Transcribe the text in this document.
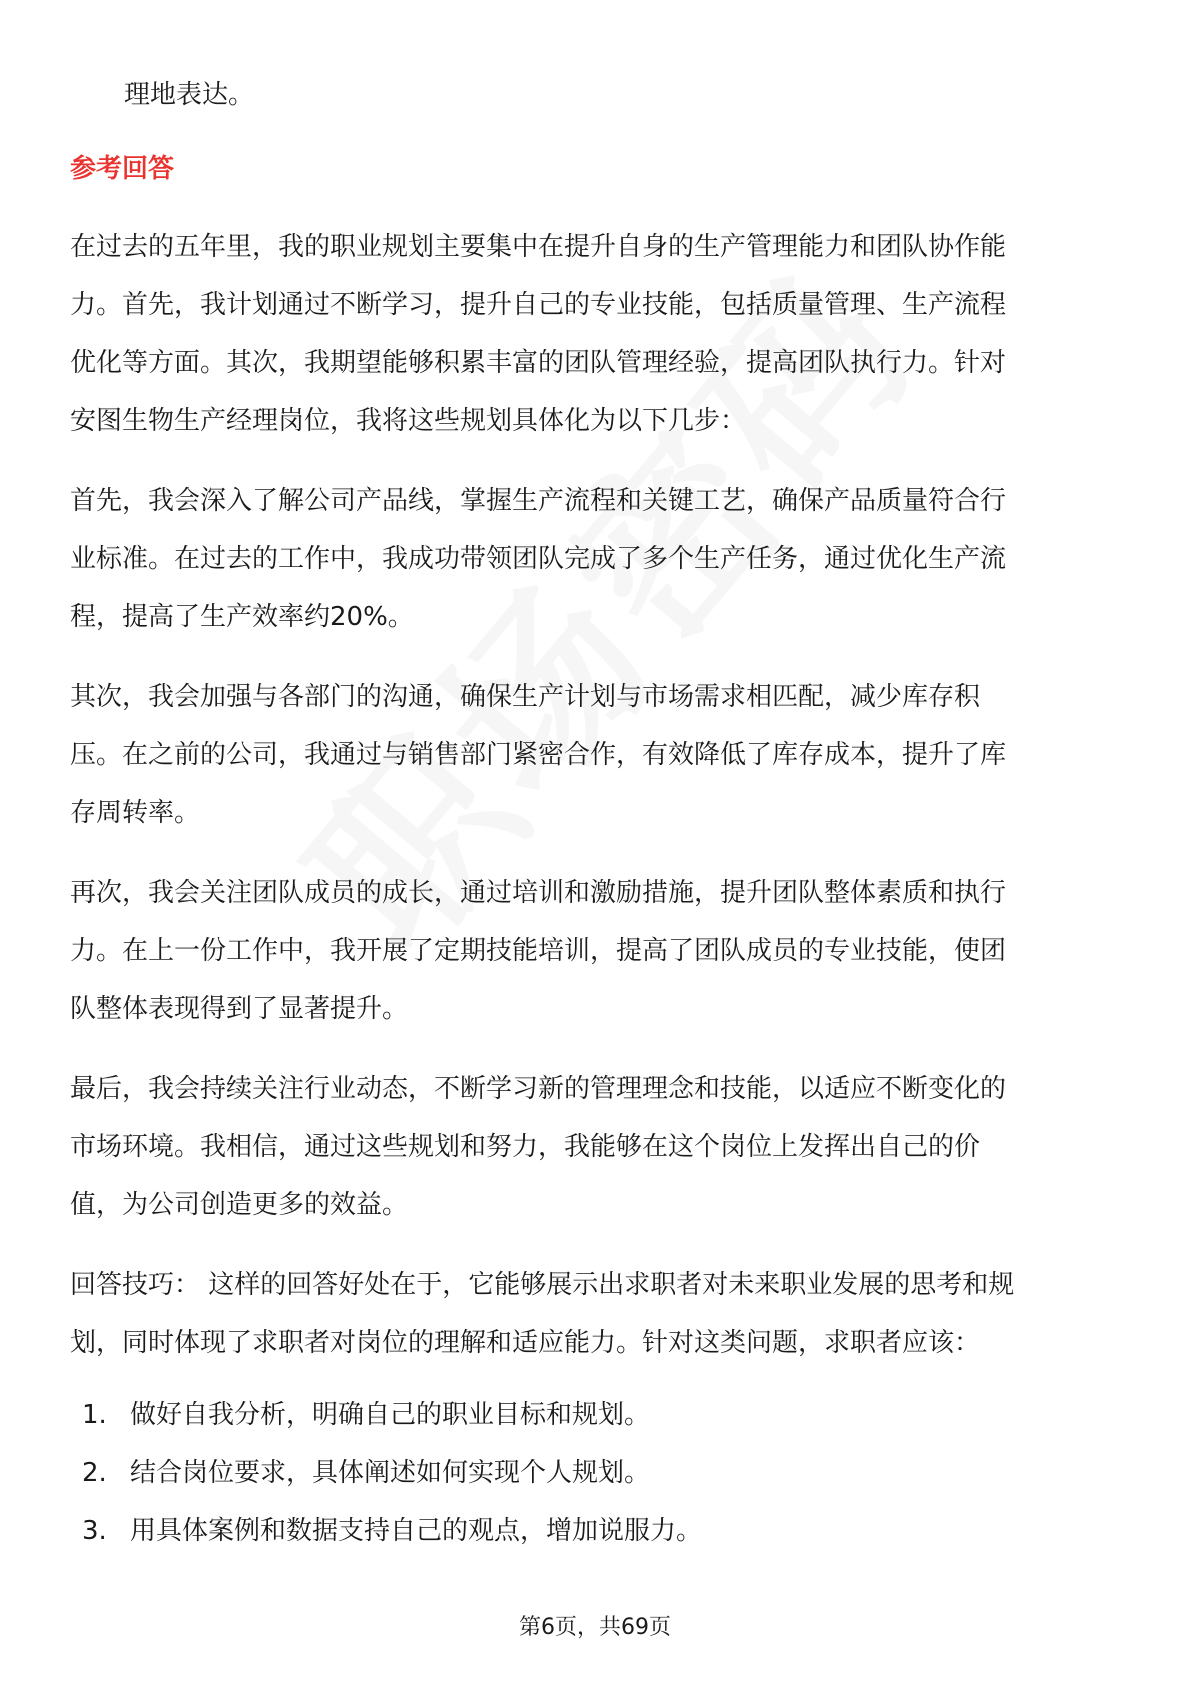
理地表达。

参考回答

在过去的五年里，我的职业规划主要集中在提升自身的生产管理能力和团队协作能

力。首先，我计划通过不断学习，提升自己的专业技能，包括质量管理、生产流程

优化等方面。其次，我期望能够积累丰富的团队管理经验，提高团队执行力。针对

安图生物生产经理岗位，我将这些规划具体化为以下几步：

首先，我会深入了解公司产品线，掌握生产流程和关键工艺，确保产品质量符合行

业标准。在过去的工作中，我成功带领团队完成了多个生产任务，通过优化生产流

程，提高了生产效率约20%。

其次，我会加强与各部门的沟通，确保生产计划与市场需求相匹配，减少库存积

压。在之前的公司，我通过与销售部门紧密合作，有效降低了库存成本，提升了库

存周转率。

再次，我会关注团队成员的成长，通过培训和激励措施，提升团队整体素质和执行

力。在上一份工作中，我开展了定期技能培训，提高了团队成员的专业技能，使团

队整体表现得到了显著提升。

最后，我会持续关注行业动态，不断学习新的管理理念和技能，以适应不断变化的

市场环境。我相信，通过这些规划和努力，我能够在这个岗位上发挥出自己的价

值，为公司创造更多的效益。

回答技巧： 这样的回答好处在于，它能够展示出求职者对未来职业发展的思考和规

划，同时体现了求职者对岗位的理解和适应能力。针对这类问题，求职者应该：

1. 做好自我分析，明确自己的职业目标和规划。
2. 结合岗位要求，具体阐述如何实现个人规划。
3. 用具体案例和数据支持自己的观点，增加说服力。
第6页，共69页
